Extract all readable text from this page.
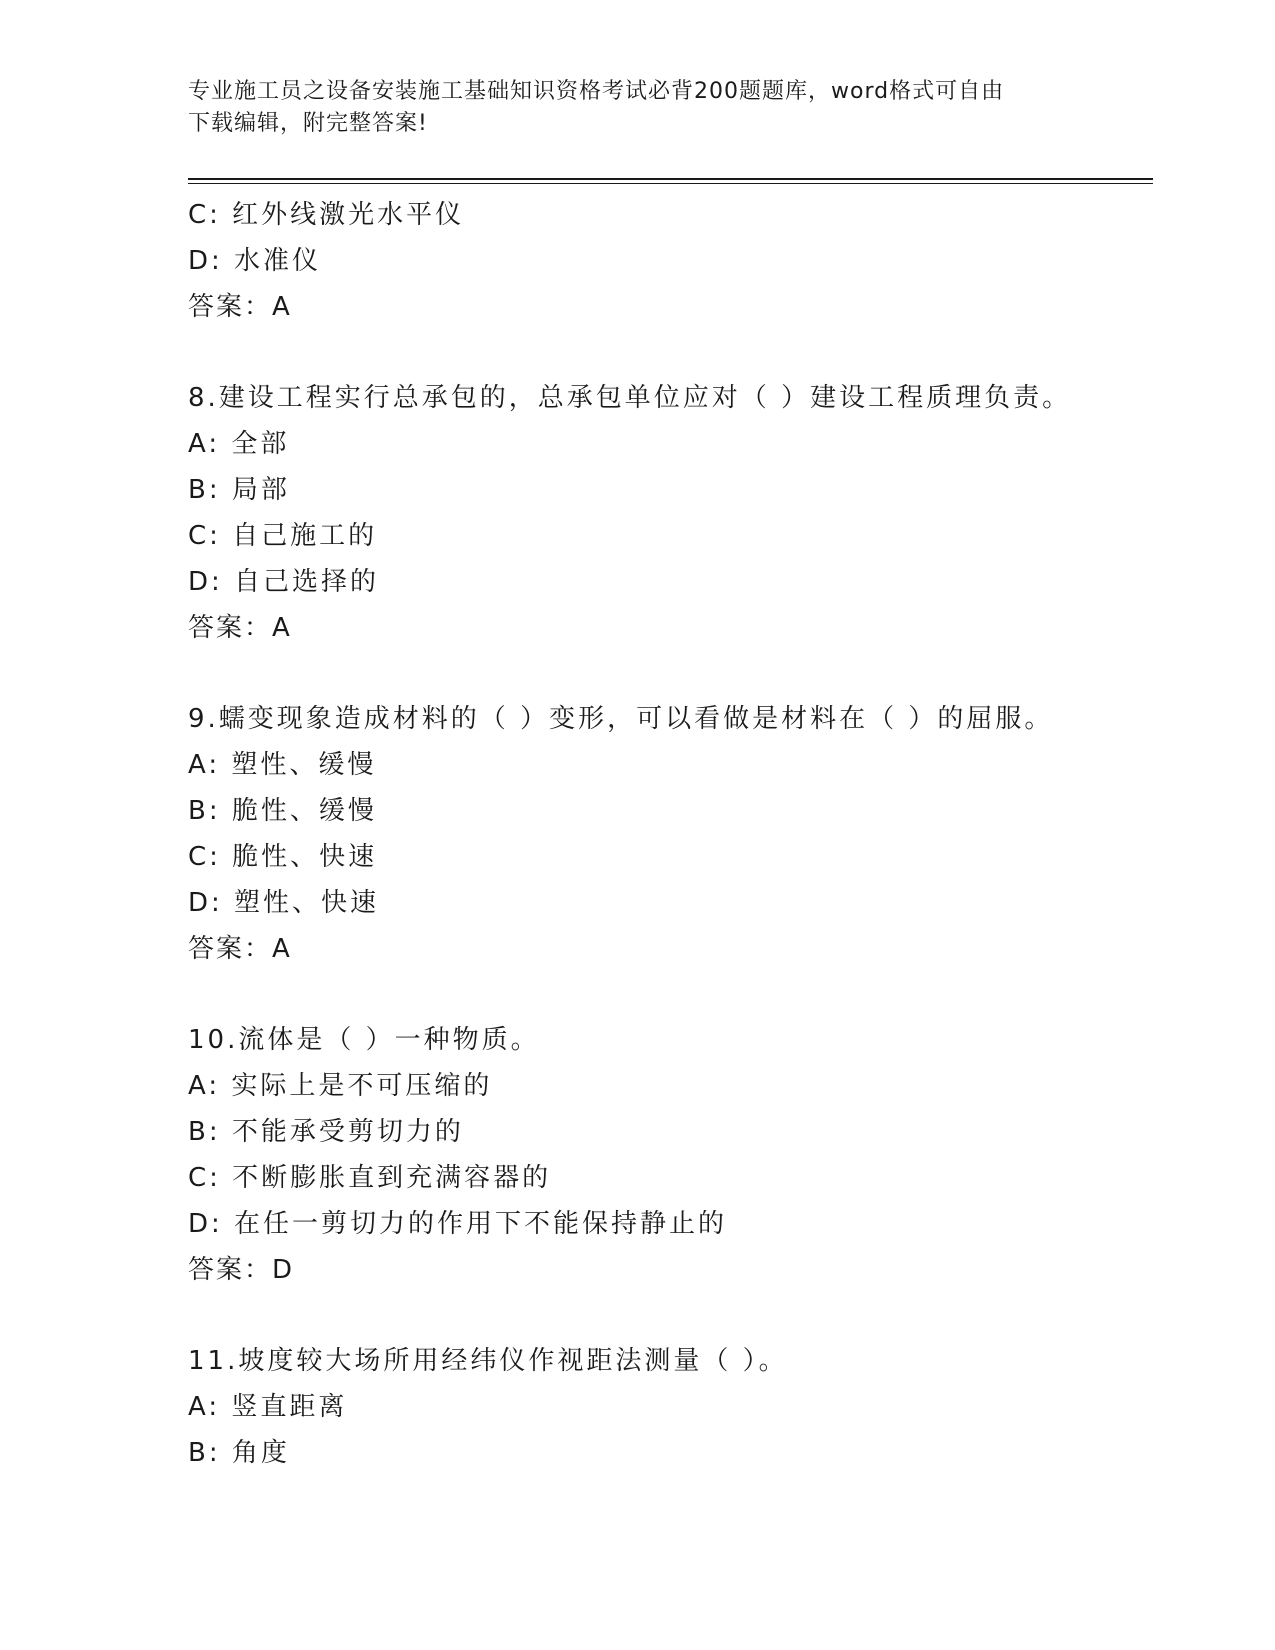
专业施工员之设备安装施工基础知识资格考试必背200题题库，word格式可自由
下载编辑，附完整答案!
C: 红外线激光水平仪
D: 水准仪
答案：A
8.建设工程实行总承包的，总承包单位应对（ ）建设工程质理负责。
A: 全部
B: 局部
C: 自己施工的
D: 自己选择的
答案：A
9.蠕变现象造成材料的（ ）变形，可以看做是材料在（ ）的屈服。
A: 塑性、缓慢
B: 脆性、缓慢
C: 脆性、快速
D: 塑性、快速
答案：A
10.流体是（ ）一种物质。
A: 实际上是不可压缩的
B: 不能承受剪切力的
C: 不断膨胀直到充满容器的
D: 在任一剪切力的作用下不能保持静止的
答案：D
11.坡度较大场所用经纬仪作视距法测量（ ）。
A: 竖直距离
B: 角度
